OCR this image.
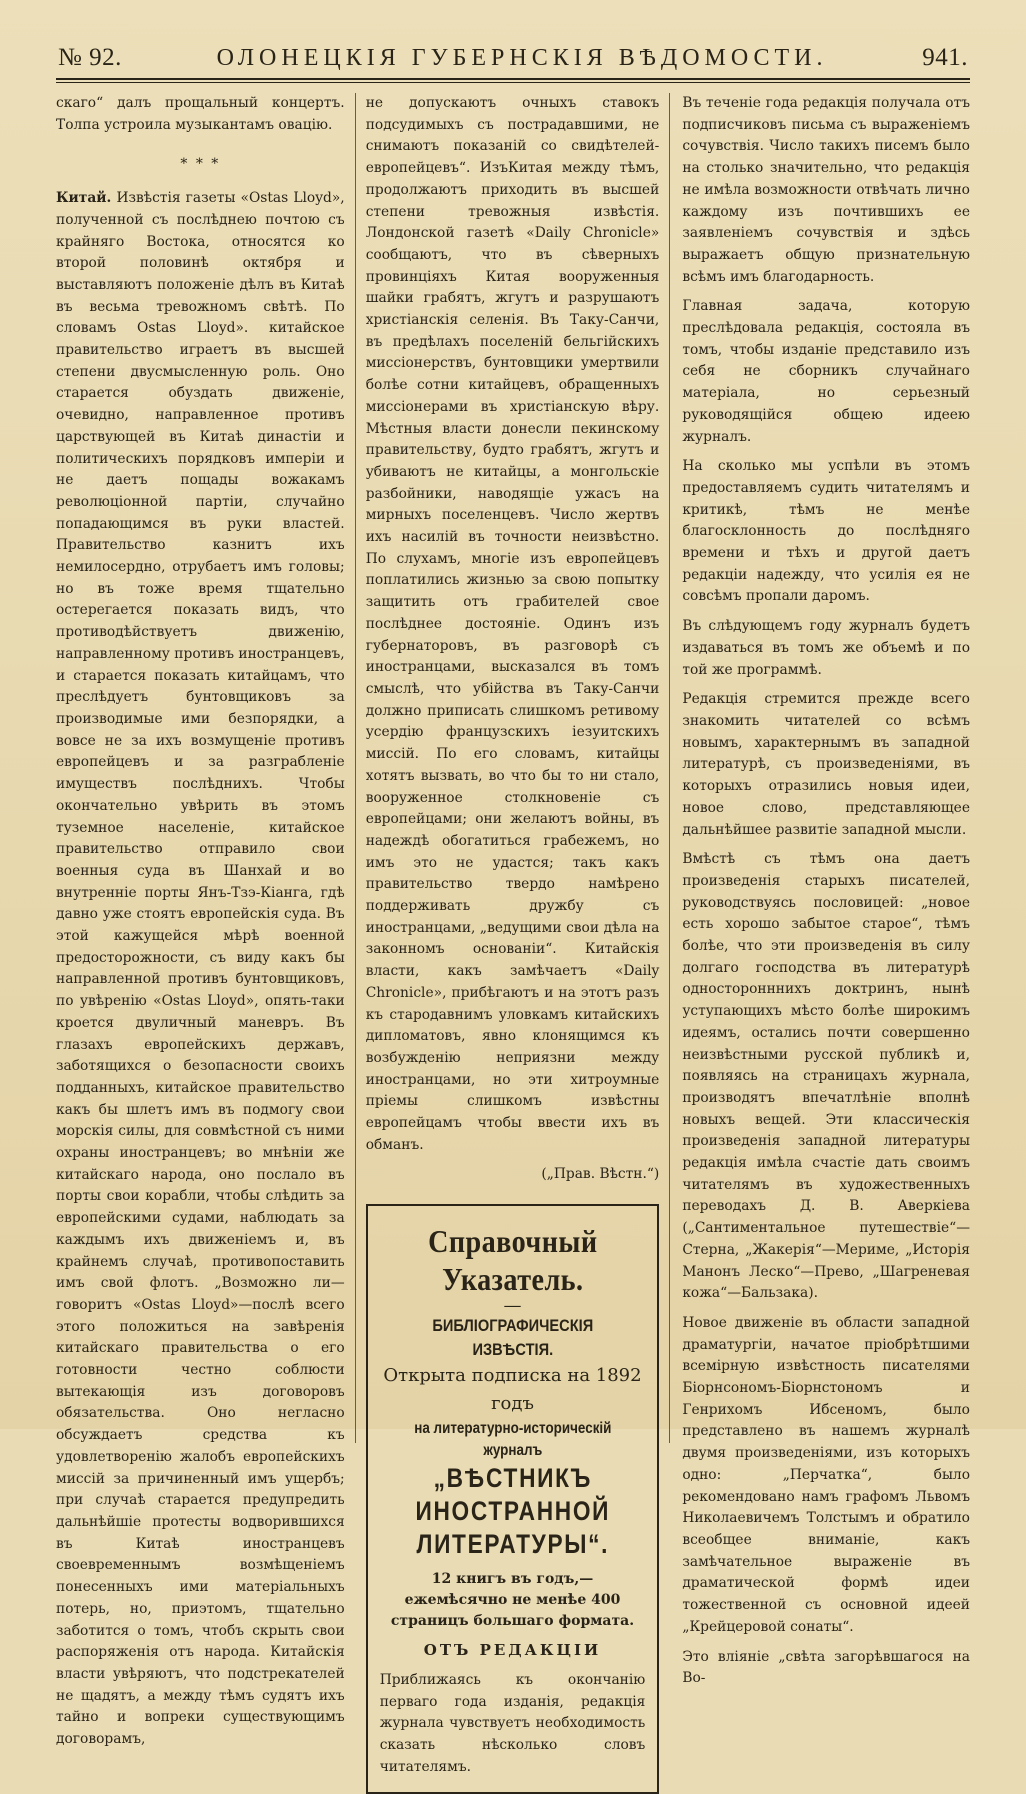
№ 92.	ОЛОНЕЦКІЯ ГУБЕРНСКІЯ ВѢДОМОСТИ.	941.

скаго“ далъ прощальный концертъ. Толпа устроила музыкантамъ овацію.

* * *

Китай. Извѣстія газеты «Ostas Lloyd», полученной съ послѣднею почтою съ крайняго Востока, относятся ко второй половинѣ октября и выставляютъ положеніе дѣлъ въ Китаѣ въ весьма тревожномъ свѣтѣ. По словамъ Ostas Lloyd». китайское правительство играетъ въ высшей степени двусмысленную роль. Оно старается обуздать движеніе, очевидно, направленное противъ царствующей въ Китаѣ династіи и политическихъ порядковъ имперіи и не даетъ пощады вожакамъ революціонной партіи, случайно попадающимся въ руки властей. Правительство казнитъ ихъ немилосердно, отрубаетъ имъ головы; но въ тоже время тщательно остерегается показать видъ, что противодѣйствуетъ движенію, направленному противъ иностранцевъ, и старается показать китайцамъ, что преслѣдуетъ бунтовщиковъ за производимые ими безпорядки, а вовсе не за ихъ возмущеніе противъ европейцевъ и за разграбленіе имуществъ послѣднихъ. Чтобы окончательно увѣрить въ этомъ туземное населеніе, китайское правительство отправило свои военныя суда въ Шанхай и во внутренніе порты Янъ-Тзэ-Кіанга, гдѣ давно уже стоятъ европейскія суда. Въ этой кажущейся мѣрѣ военной предосторожности, съ виду какъ бы направленной противъ бунтовщиковъ, по увѣренію «Ostas Lloyd», опять-таки кроется двуличный маневръ. Въ глазахъ европейскихъ державъ, заботящихся о безопасности своихъ подданныхъ, китайское правительство какъ бы шлетъ имъ въ подмогу свои морскія силы, для совмѣстной съ ними охраны иностранцевъ; во мнѣніи же китайскаго народа, оно послало въ порты свои корабли, чтобы слѣдить за европейскими судами, наблюдать за каждымъ ихъ движеніемъ и, въ крайнемъ случаѣ, противопоставить имъ свой флотъ. „Возможно ли—говоритъ «Ostas Lloyd»—послѣ всего этого положиться на завѣренія китайскаго правительства о его готовности честно соблюсти вытекающія изъ договоровъ обязательства. Оно неглаcно обсуждаетъ средства къ удовлетворенію жалобъ европейскихъ миссій за причиненный имъ ущербъ; при случаѣ старается предупредить дальнѣйшіе протесты водворившихся въ Китаѣ иностранцевъ своевременнымъ возмѣщеніемъ понесенныхъ ими матеріальныхъ потерь, но, приэтомъ, тщательно заботится о томъ, чтобъ скрыть свои распоряженія отъ народа. Китайскія власти увѣряютъ, что подстрекателей не щадятъ, а между тѣмъ судятъ ихъ тайно и вопреки существующимъ договорамъ,

не допускаютъ очныхъ ставокъ подсудимыхъ съ пострадавшими, не снимаютъ показаній со свидѣтелей-европейцевъ“. ИзъКитая между тѣмъ, продолжаютъ приходить въ высшей степени тревожныя извѣстія. Лондонской газетѣ «Daily Chronicle» сообщаютъ, что въ сѣверныхъ провинціяхъ Китая вооруженныя шайки грабятъ, жгутъ и разрушаютъ христіанскія селенія. Въ Таку-Санчи, въ предѣлахъ поселеній бельгійскихъ миссіонерствъ, бунтовщики умертвили болѣе сотни китайцевъ, обращенныхъ миссіонерами въ христіанскую вѣру. Мѣстныя власти донесли пекинскому правительству, будто грабятъ, жгутъ и убиваютъ не китайцы, а монгольскіе разбойники, наводящіе ужасъ на мирныхъ поселенцевъ. Число жертвъ ихъ насилій въ точности неизвѣстно. По слухамъ, многіе изъ европейцевъ поплатились жизнью за свою попытку защитить отъ грабителей свое послѣднее достояніе. Одинъ изъ губернаторовъ, въ разговорѣ съ иностранцами, высказался въ томъ смыслѣ, что убійства въ Таку-Санчи должно приписать слишкомъ ретивому усердію французскихъ іезуитскихъ миссій. По его словамъ, китайцы хотятъ вызвать, во что бы то ни стало, вооруженное столкновеніе съ европейцами; они желаютъ войны, въ надеждѣ обогатиться грабежемъ, но имъ это не удастся; такъ какъ правительство твердо намѣрено поддерживать дружбу съ иностранцами, „ведущими свои дѣла на законномъ основаніи“. Китайскія власти, какъ замѣчаетъ «Daily Chronicle», прибѣгаютъ и на этотъ разъ къ стародавнимъ уловкамъ китайскихъ дипломатовъ, явно клонящимся къ возбужденію неприязни между иностранцами, но эти хитроумные пріемы слишкомъ извѣстны европейцамъ чтобы ввести ихъ въ обманъ.

(„Прав. Вѣстн.“)

Справочный Указатель.
—
БИБЛІОГРАФИЧЕСКІЯ ИЗВѢСТІЯ.
Открыта подписка на 1892 годъ
на литературно-историческій журналъ
„ВѢСТНИКЪ
ИНОСТРАННОЙ ЛИТЕРАТУРЫ“.
12 книгъ въ годъ,— ежемѣсячно не менѣе 400 страницъ большаго формата.
ОТЪ РЕДАКЦІИ

Приближаясь къ окончанію перваго года изданія, редакція журнала чувствуетъ необходимость сказать нѣсколько словъ читателямъ.

Въ теченіе года редакція получала отъ подписчиковъ письма съ выраженіемъ сочувствія. Число такихъ писемъ было на столько значительно, что редакція не имѣла возможности отвѣчать лично каждому изъ почтившихъ ее заявленіемъ сочувствія и здѣсь выражаетъ общую признательную всѣмъ имъ благодарность.

Главная задача, которую преслѣдовала редакція, состояла въ томъ, чтобы изданіе представило изъ себя не сборникъ случайнаго матеріала, но серьезный руководящійся общею идеею журналъ.

На сколько мы успѣли въ этомъ предоставляемъ судить читателямъ и критикѣ, тѣмъ не менѣе благосклонность до послѣдняго времени и тѣхъ и другой даетъ редакціи надежду, что усилія ея не совсѣмъ пропали даромъ.

Въ слѣдующемъ году журналъ будетъ издаваться въ томъ же объемѣ и по той же программѣ.

Редакція стремится прежде всего знакомить читателей со всѣмъ новымъ, характернымъ въ западной литературѣ, съ произведеніями, въ которыхъ отразились новыя идеи, новое слово, представляющее дальнѣйшее развитіе западной мысли.

Вмѣстѣ съ тѣмъ она даетъ произведенія старыхъ писателей, руководствуясь пословицей: „новое есть хорошо забытое старое“, тѣмъ болѣе, что эти произведенія въ силу долгаго господства въ литературѣ односторонннихъ доктринъ, нынѣ уступающихъ мѣсто болѣе широкимъ идеямъ, остались почти совершенно неизвѣстными русской публикѣ и, появляясь на страницахъ журнала, производятъ впечатлѣніе вполнѣ новыхъ вещей. Эти классическія произведенія западной литературы редакція имѣла счастіе дать своимъ читателямъ въ художественныхъ переводахъ Д. В. Аверкіева („Сантиментальное путешествіе“—Стерна, „Жакерія“—Меримe, „Исторія Манонъ Леско“—Прево, „Шагреневая кожа“—Бальзака).

Новое движеніе въ области западной драматургіи, начатое пріобрѣтшими всемірную извѣстность писателями Біорнсономъ-Біорнстономъ и Генрихомъ Ибсеномъ, было представлено въ нашемъ журналѣ двумя произведеніями, изъ которыхъ одно: „Перчатка“, было рекомендовано намъ графомъ Львомъ Николаевичемъ Толстымъ и обратило всеобщее вниманіе, какъ замѣчательное выраженіе въ драматической формѣ идеи тожественной съ основной идеей „Крейцеровой сонаты“.

Это вліяніе „свѣта загорѣвшагося на Во-
